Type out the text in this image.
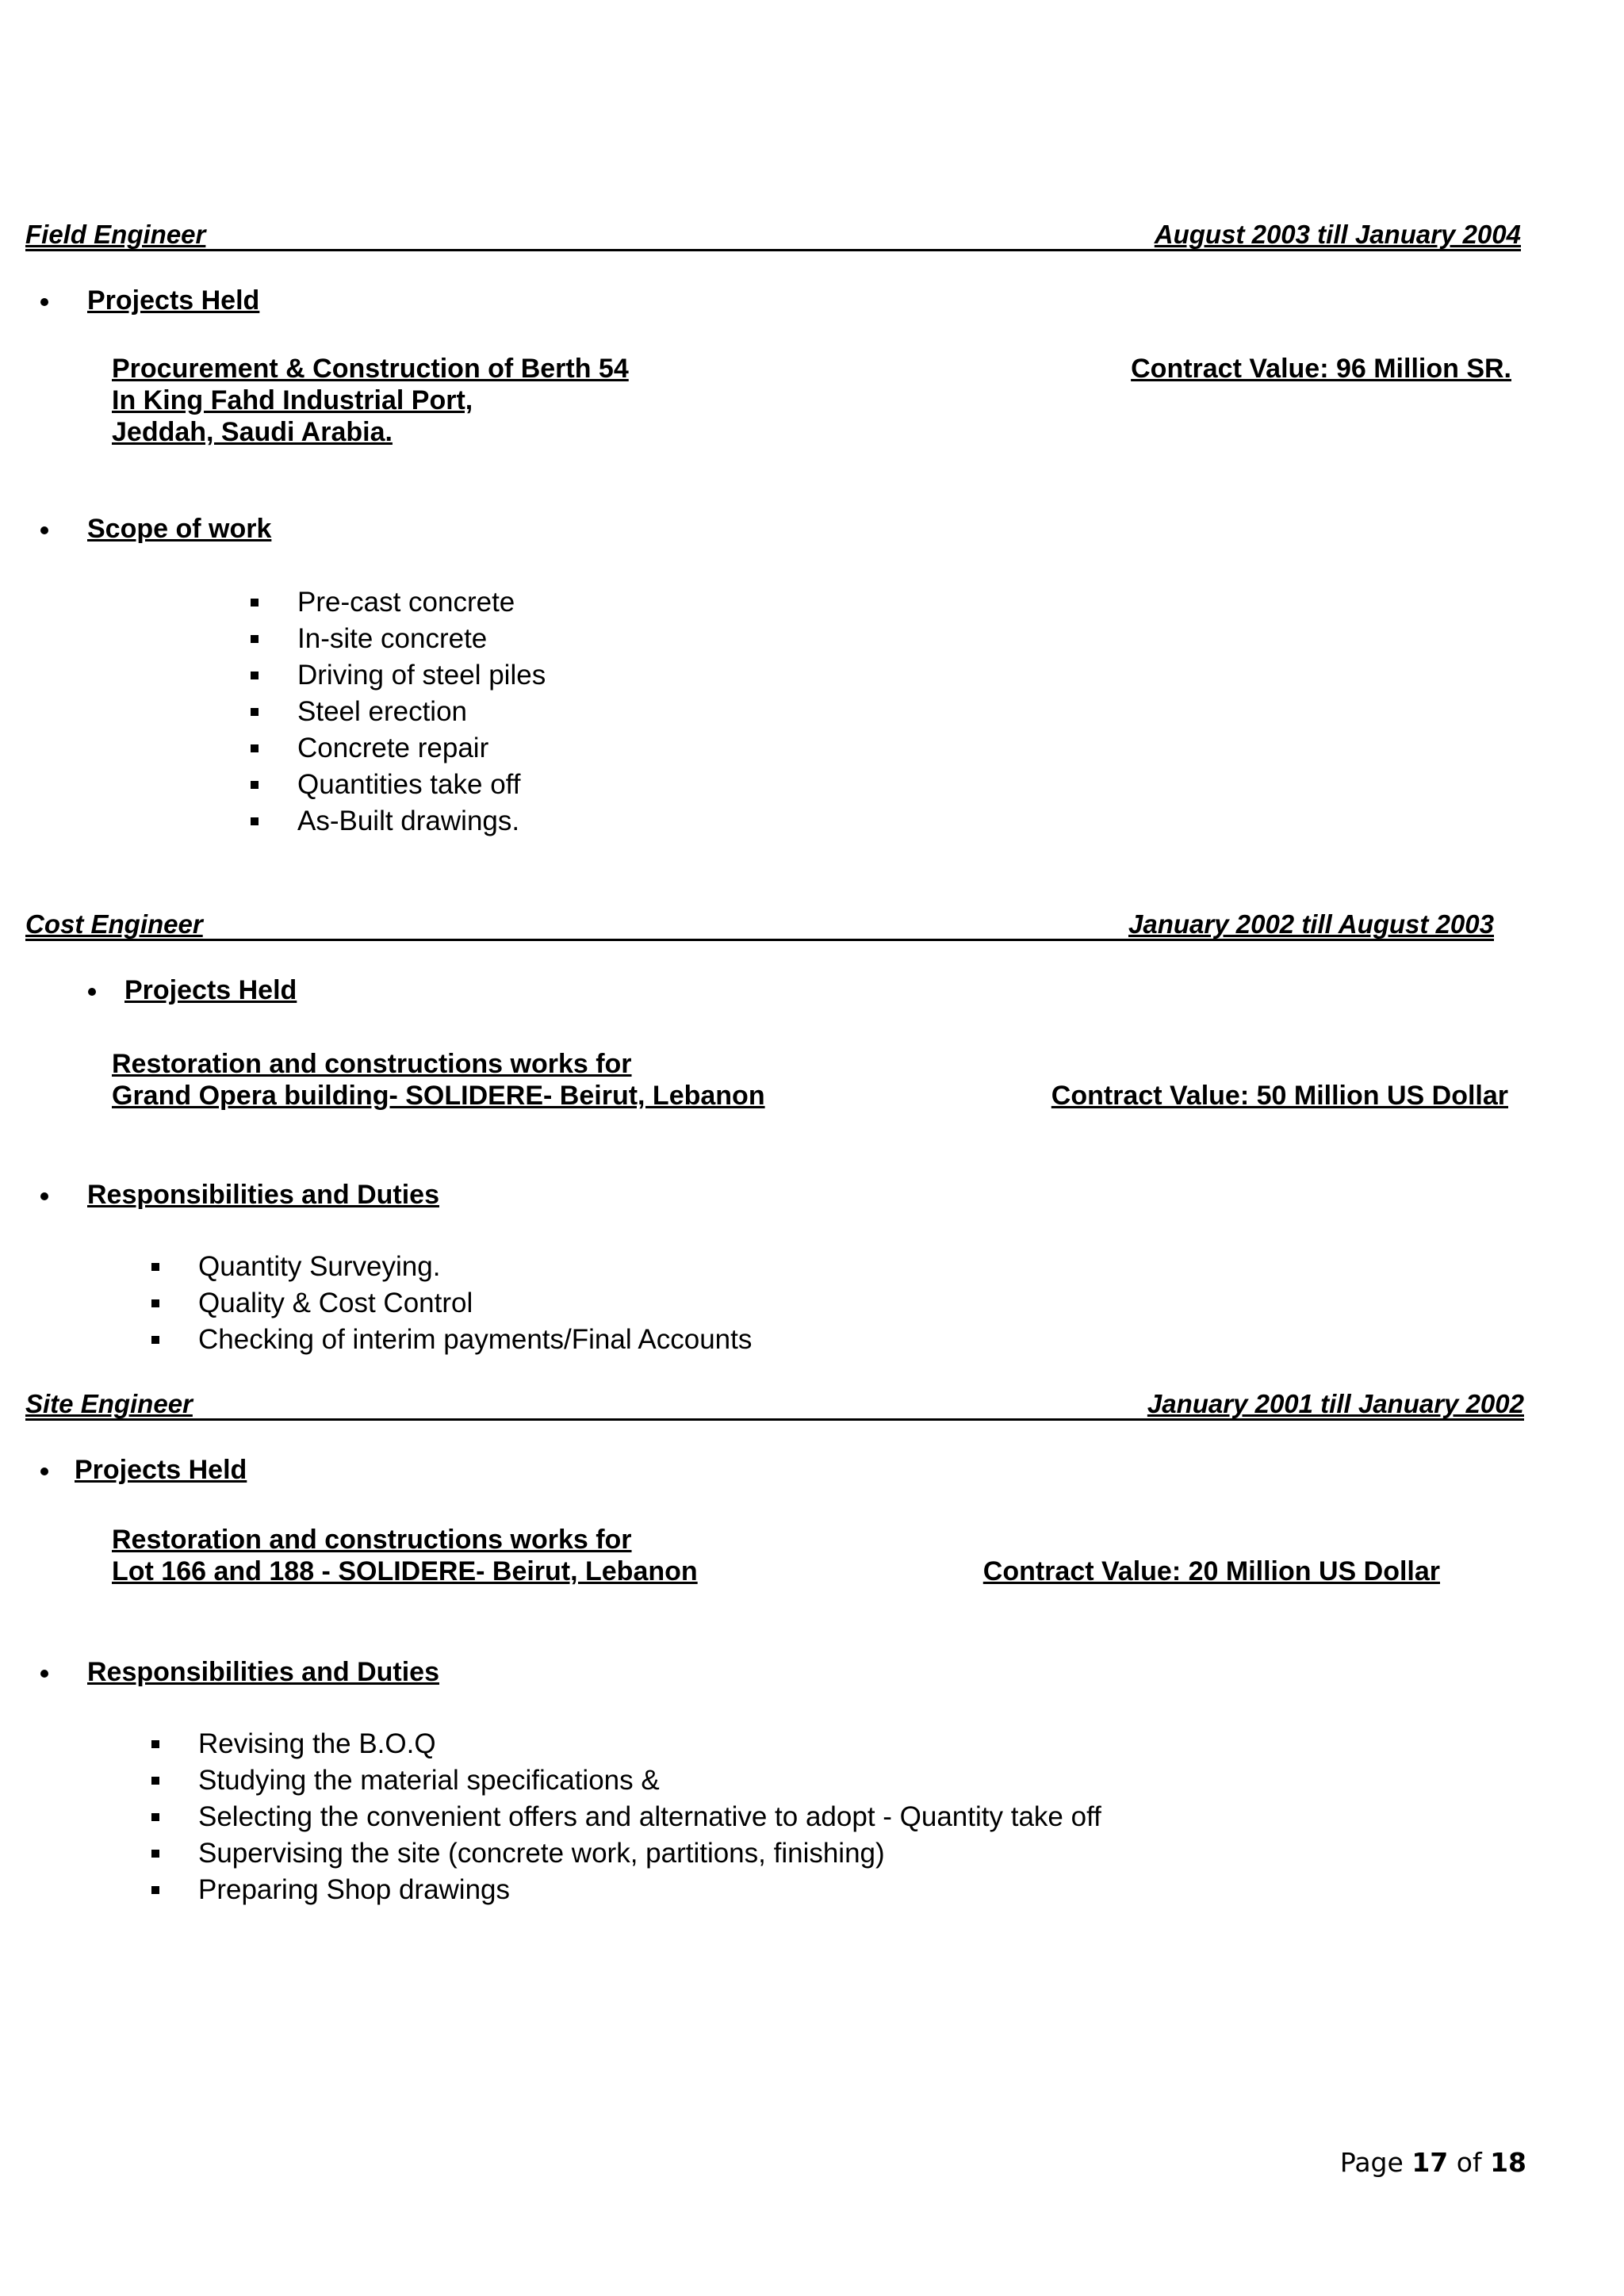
Field Engineer	August 2003 till January 2004
Projects Held
Procurement & Construction of Berth 54
In King Fahd Industrial Port,
Jeddah, Saudi Arabia.
Contract Value: 96 Million SR.
Scope of work
Pre-cast concrete
In-site concrete
Driving of steel piles
Steel erection
Concrete repair
Quantities take off
As-Built drawings.
Cost Engineer	January 2002 till August 2003
Projects Held
Restoration and constructions works for
Grand Opera building- SOLIDERE- Beirut, Lebanon	Contract Value: 50 Million US Dollar
Responsibilities and Duties
Quantity Surveying.
Quality & Cost Control
Checking of interim payments/Final Accounts
Site Engineer	January 2001 till January 2002
Projects Held
Restoration and constructions works for
Lot 166 and 188 - SOLIDERE- Beirut, Lebanon	Contract Value: 20 Million US Dollar
Responsibilities and Duties
Revising the B.O.Q
Studying the material specifications &
Selecting the convenient offers and alternative to adopt - Quantity take off
Supervising the site (concrete work, partitions, finishing)
Preparing Shop drawings
Page 17 of 18
